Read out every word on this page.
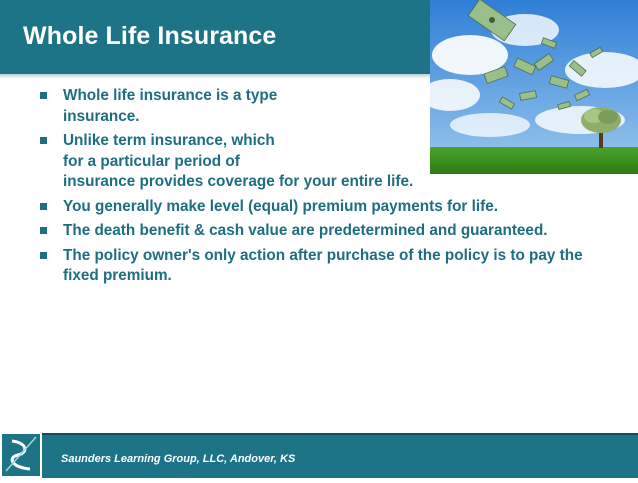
Whole Life Insurance
Whole life insurance is a type
insurance.
Unlike term insurance, which
for a particular period of
insurance provides coverage for your entire life.
You generally make level (equal) premium payments for life.
The death benefit & cash value are predetermined and guaranteed.
The policy owner's only action after purchase of the policy is to pay the
fixed premium.
Saunders Learning Group, LLC, Andover, KS
